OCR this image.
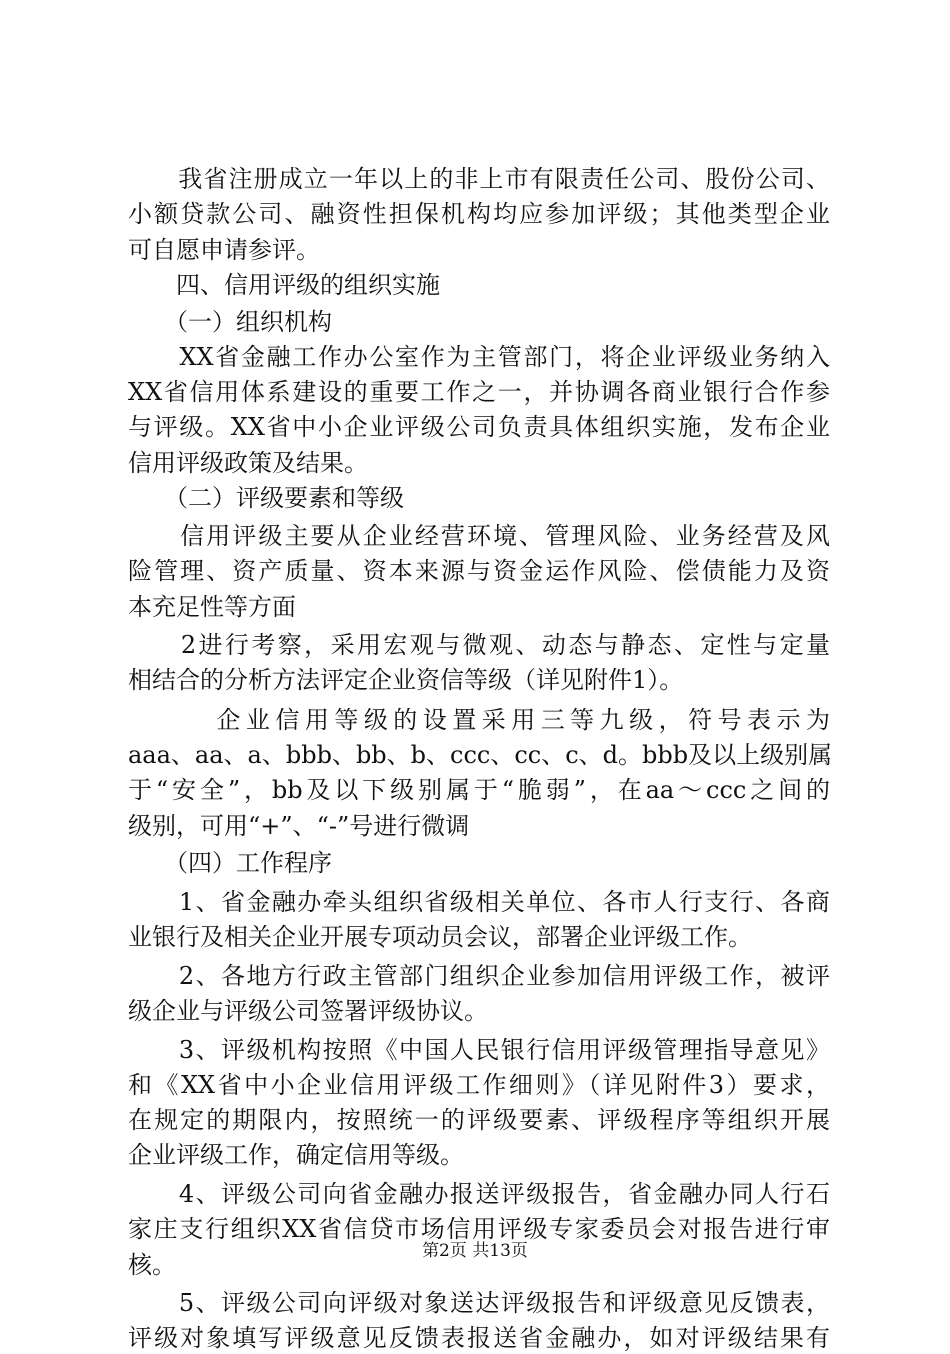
　　我省注册成立一年以上的非上市有限责任公司、股份公司、
小额贷款公司、融资性担保机构均应参加评级；其他类型企业
可自愿申请参评。
　　四、信用评级的组织实施
　　（一）组织机构
　　XX省金融工作办公室作为主管部门，将企业评级业务纳入
XX省信用体系建设的重要工作之一，并协调各商业银行合作参
与评级。XX省中小企业评级公司负责具体组织实施，发布企业
信用评级政策及结果。
　　（二）评级要素和等级
　　信用评级主要从企业经营环境、管理风险、业务经营及风
险管理、资产质量、资本来源与资金运作风险、偿债能力及资
本充足性等方面
　　2进行考察，采用宏观与微观、动态与静态、定性与定量
相结合的分析方法评定企业资信等级（详见附件1）。
　　　企业信用等级的设置采用三等九级，符号表示为
aaa、aa、a、bbb、bb、b、ccc、cc、c、d。bbb及以上级别属
于“安全”，bb及以下级别属于“脆弱”，在aa～ccc之间的
级别，可用“+”、“-”号进行微调
　　（四）工作程序
　　1、省金融办牵头组织省级相关单位、各市人行支行、各商
业银行及相关企业开展专项动员会议，部署企业评级工作。
　　2、各地方行政主管部门组织企业参加信用评级工作，被评
级企业与评级公司签署评级协议。
　　3、评级机构按照《中国人民银行信用评级管理指导意见》
和《XX省中小企业信用评级工作细则》（详见附件3）要求，
在规定的期限内，按照统一的评级要素、评级程序等组织开展
企业评级工作，确定信用等级。
　　4、评级公司向省金融办报送评级报告，省金融办同人行石
家庄支行组织XX省信贷市场信用评级专家委员会对报告进行审
核。
　　5、评级公司向评级对象送达评级报告和评级意见反馈表，
评级对象填写评级意见反馈表报送省金融办，如对评级结果有
第2页 共13页
